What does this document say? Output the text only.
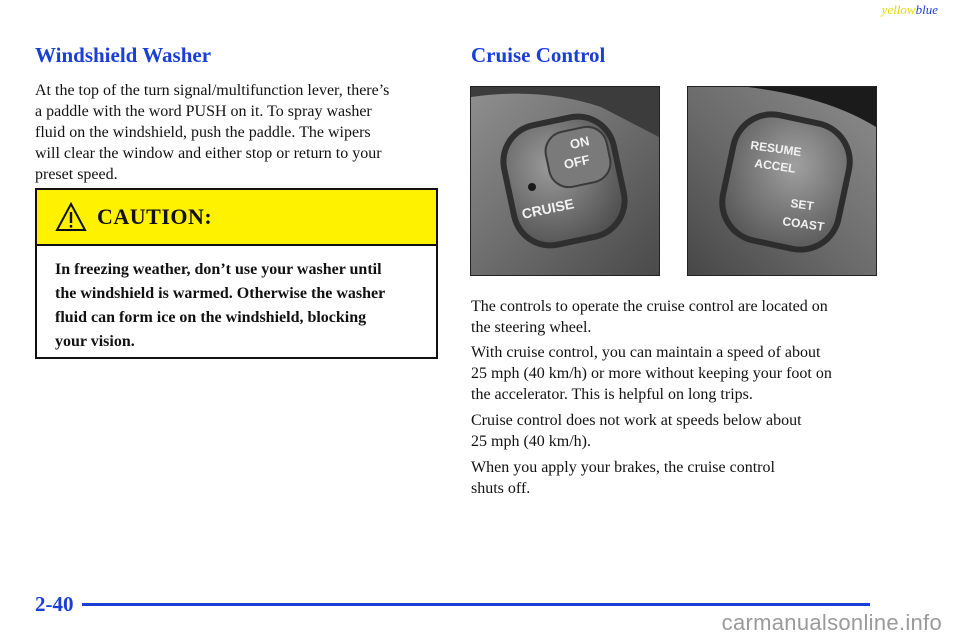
yellowblue
Windshield Washer
At the top of the turn signal/multifunction lever, there’s
a paddle with the word PUSH on it. To spray washer
fluid on the windshield, push the paddle. The wipers
will clear the window and either stop or return to your
preset speed.
CAUTION:
In freezing weather, don’t use your washer until
the windshield is warmed. Otherwise the washer
fluid can form ice on the windshield, blocking
your vision.
Cruise Control
ON
OFF
CRUISE
RESUME
ACCEL
SET
COAST
The controls to operate the cruise control are located on
the steering wheel.
With cruise control, you can maintain a speed of about
25 mph (40 km/h) or more without keeping your foot on
the accelerator. This is helpful on long trips.
Cruise control does not work at speeds below about
25 mph (40 km/h).
When you apply your brakes, the cruise control
shuts off.
2-40
carmanualsonline.info
